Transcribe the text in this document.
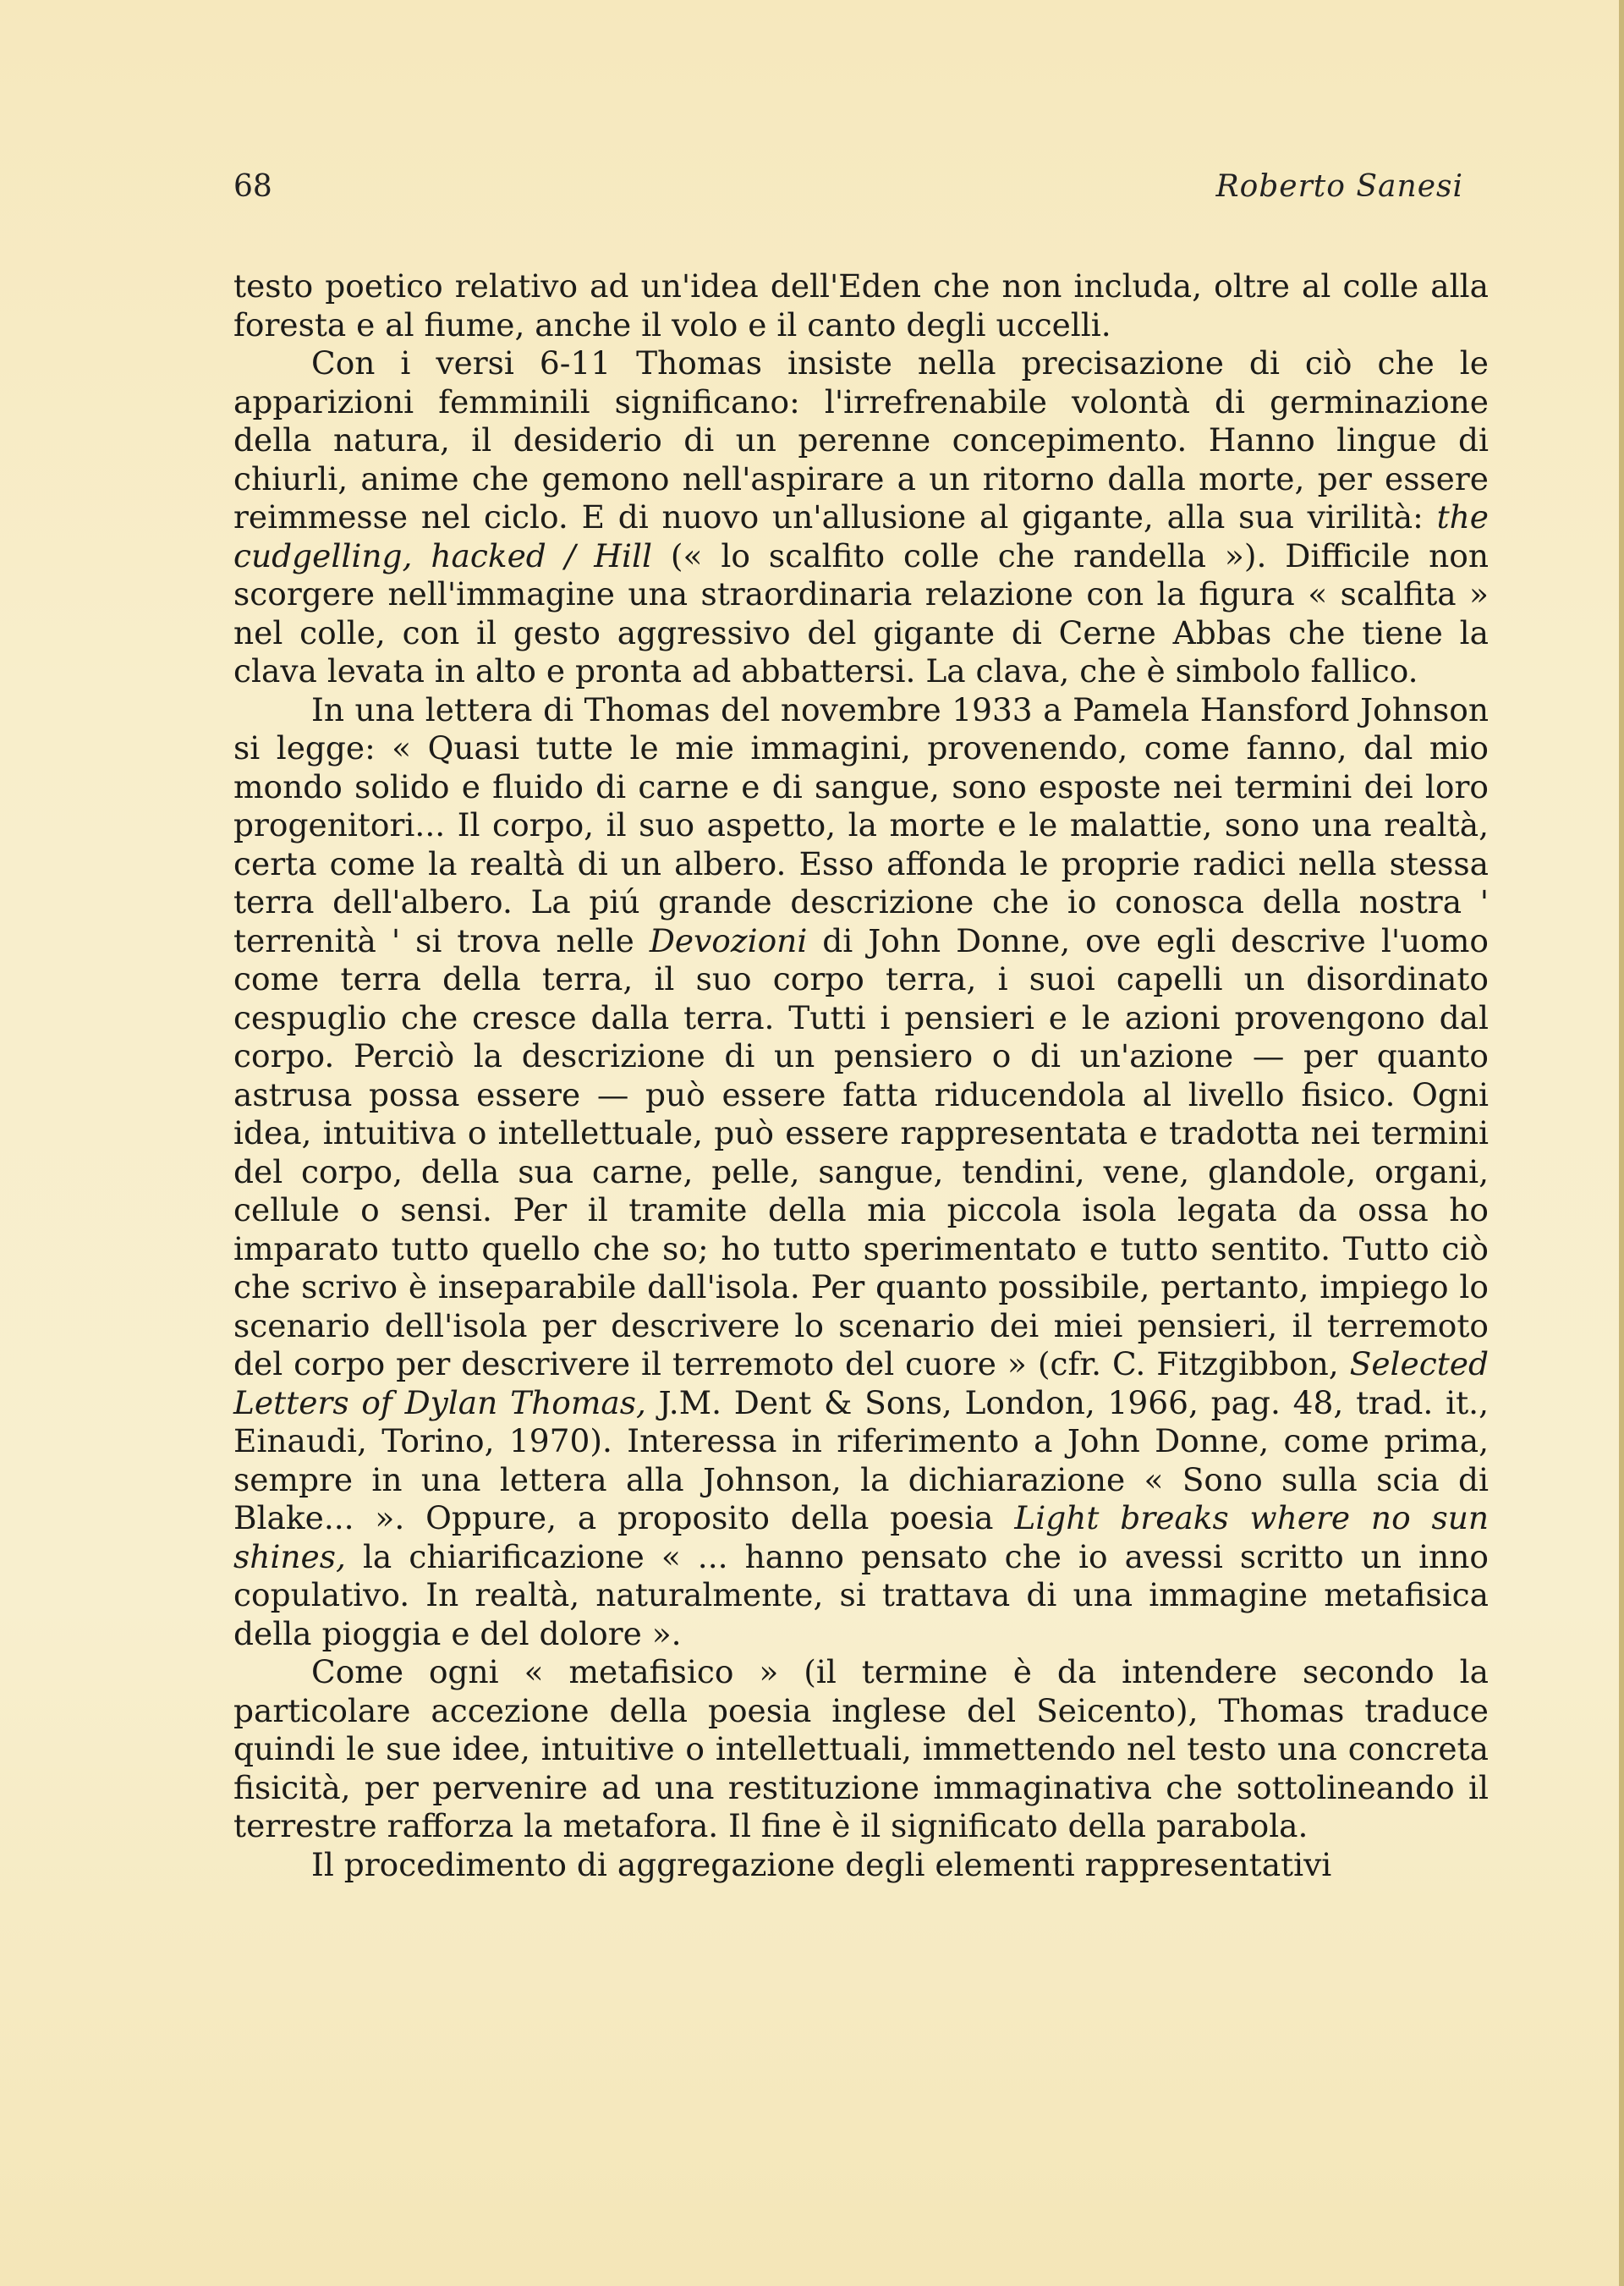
68	Roberto Sanesi

testo poetico relativo ad un'idea dell'Eden che non includa, oltre al colle alla foresta e al fiume, anche il volo e il canto degli uccelli.

Con i versi 6-11 Thomas insiste nella precisazione di ciò che le apparizioni femminili significano: l'irrefrenabile volontà di germinazione della natura, il desiderio di un perenne concepimento. Hanno lingue di chiurli, anime che gemono nell'aspirare a un ritorno dalla morte, per essere reimmesse nel ciclo. E di nuovo un'allusione al gigante, alla sua virilità: the cudgelling, hacked / Hill (« lo scalfito colle che randella »). Difficile non scorgere nell'immagine una straordinaria relazione con la figura « scalfita » nel colle, con il gesto aggressivo del gigante di Cerne Abbas che tiene la clava levata in alto e pronta ad abbattersi. La clava, che è simbolo fallico.

In una lettera di Thomas del novembre 1933 a Pamela Hansford Johnson si legge: « Quasi tutte le mie immagini, provenendo, come fanno, dal mio mondo solido e fluido di carne e di sangue, sono esposte nei termini dei loro progenitori... Il corpo, il suo aspetto, la morte e le malattie, sono una realtà, certa come la realtà di un albero. Esso affonda le proprie radici nella stessa terra dell'albero. La piú grande descrizione che io conosca della nostra ' terrenità ' si trova nelle Devozioni di John Donne, ove egli descrive l'uomo come terra della terra, il suo corpo terra, i suoi capelli un disordinato cespuglio che cresce dalla terra. Tutti i pensieri e le azioni provengono dal corpo. Perciò la descrizione di un pensiero o di un'azione — per quanto astrusa possa essere — può essere fatta riducendola al livello fisico. Ogni idea, intuitiva o intellettuale, può essere rappresentata e tradotta nei termini del corpo, della sua carne, pelle, sangue, tendini, vene, glandole, organi, cellule o sensi. Per il tramite della mia piccola isola legata da ossa ho imparato tutto quello che so; ho tutto sperimentato e tutto sentito. Tutto ciò che scrivo è inseparabile dall'isola. Per quanto possibile, pertanto, impiego lo scenario dell'isola per descrivere lo scenario dei miei pensieri, il terremoto del corpo per descrivere il terremoto del cuore » (cfr. C. Fitzgibbon, Selected Letters of Dylan Thomas, J.M. Dent & Sons, London, 1966, pag. 48, trad. it., Einaudi, Torino, 1970). Interessa in riferimento a John Donne, come prima, sempre in una lettera alla Johnson, la dichiarazione « Sono sulla scia di Blake... ». Oppure, a proposito della poesia Light breaks where no sun shines, la chiarificazione « ... hanno pensato che io avessi scritto un inno copulativo. In realtà, naturalmente, si trattava di una immagine metafisica della pioggia e del dolore ».

Come ogni « metafisico » (il termine è da intendere secondo la particolare accezione della poesia inglese del Seicento), Thomas traduce quindi le sue idee, intuitive o intellettuali, immettendo nel testo una concreta fisicità, per pervenire ad una restituzione immaginativa che sottolineando il terrestre rafforza la metafora. Il fine è il significato della parabola.

Il procedimento di aggregazione degli elementi rappresentativi
